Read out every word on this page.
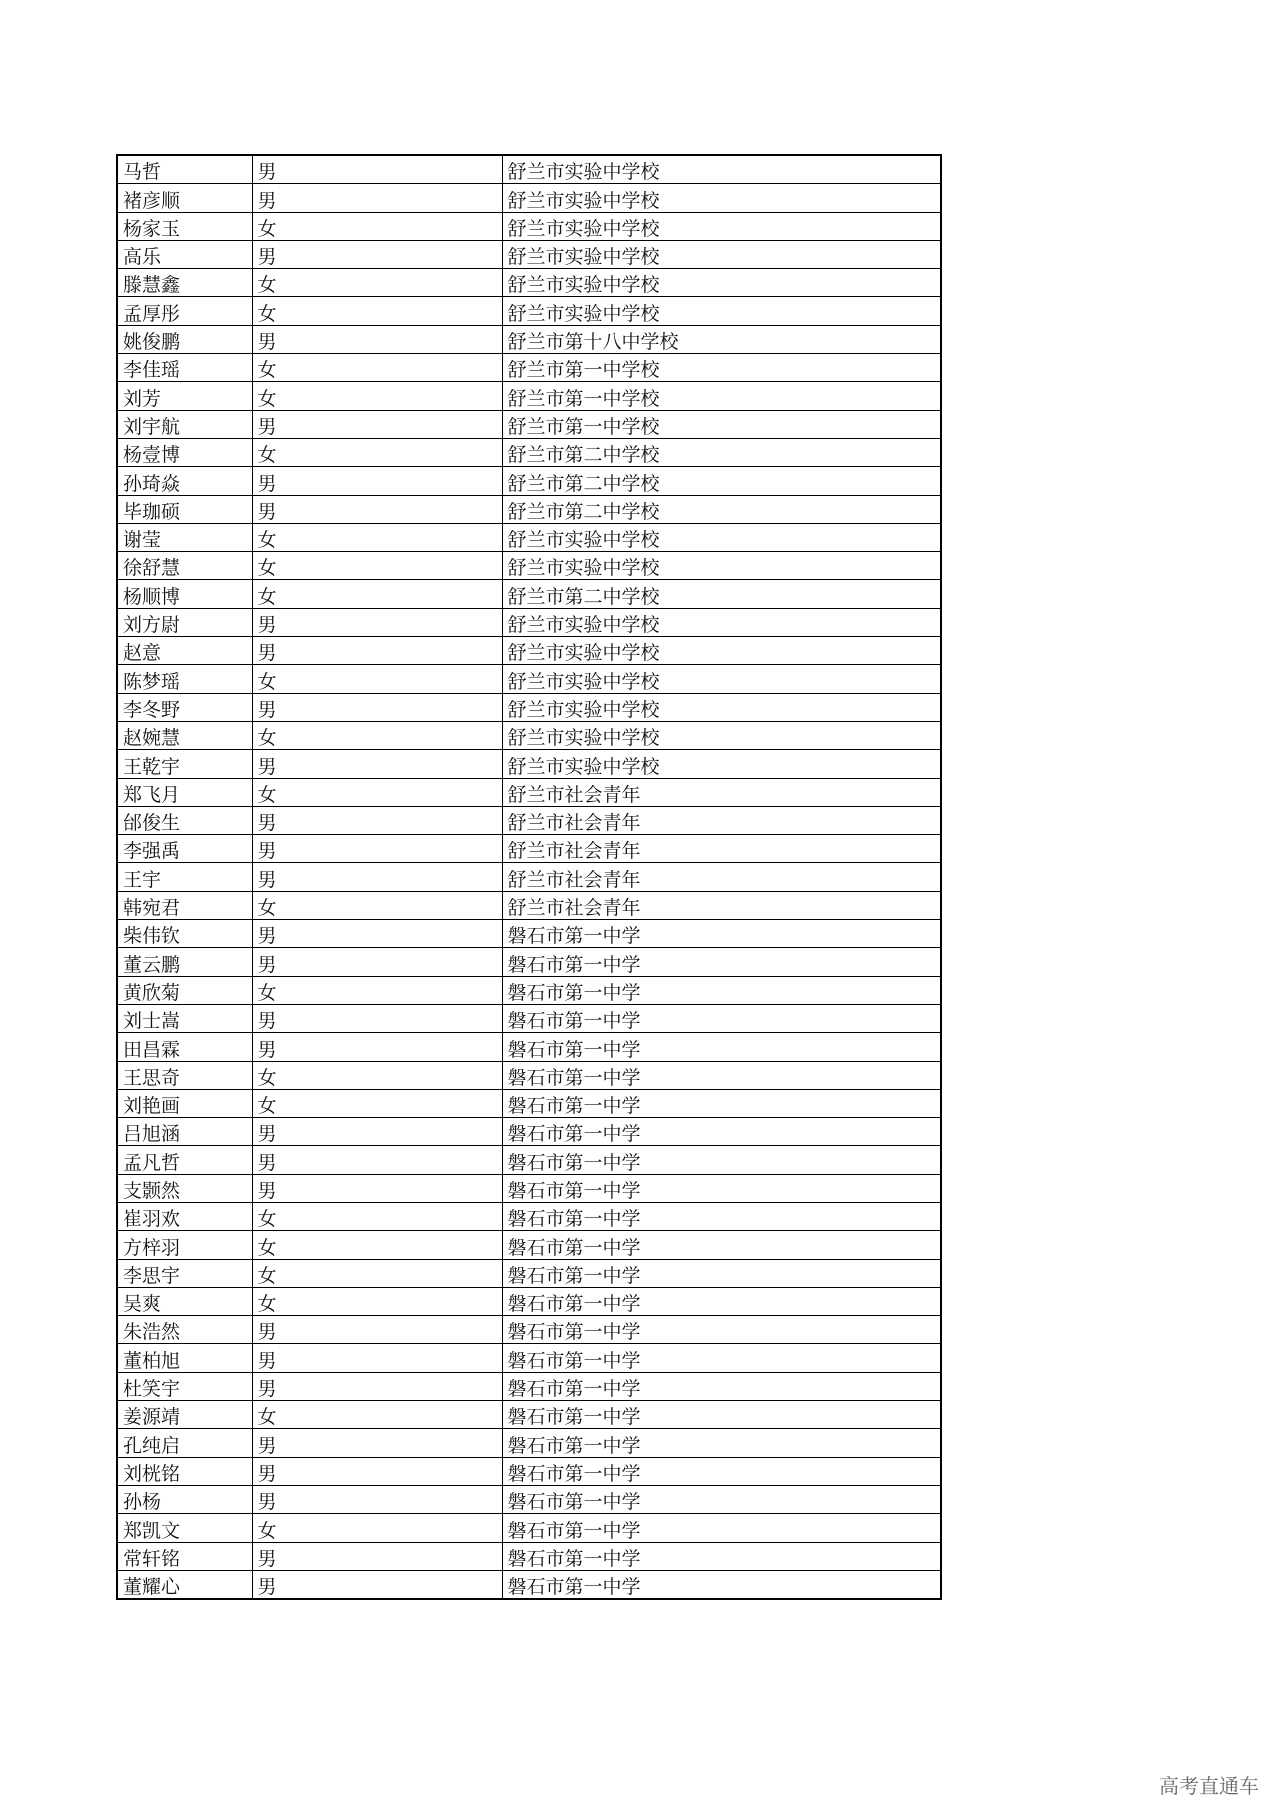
马哲	男	舒兰市实验中学校
褚彦顺	男	舒兰市实验中学校
杨家玉	女	舒兰市实验中学校
高乐	男	舒兰市实验中学校
滕慧鑫	女	舒兰市实验中学校
孟厚彤	女	舒兰市实验中学校
姚俊鹏	男	舒兰市第十八中学校
李佳瑶	女	舒兰市第一中学校
刘芳	女	舒兰市第一中学校
刘宇航	男	舒兰市第一中学校
杨壹博	女	舒兰市第二中学校
孙琦焱	男	舒兰市第二中学校
毕珈硕	男	舒兰市第二中学校
谢莹	女	舒兰市实验中学校
徐舒慧	女	舒兰市实验中学校
杨顺博	女	舒兰市第二中学校
刘方尉	男	舒兰市实验中学校
赵意	男	舒兰市实验中学校
陈梦瑶	女	舒兰市实验中学校
李冬野	男	舒兰市实验中学校
赵婉慧	女	舒兰市实验中学校
王乾宇	男	舒兰市实验中学校
郑飞月	女	舒兰市社会青年
邰俊生	男	舒兰市社会青年
李强禹	男	舒兰市社会青年
王宇	男	舒兰市社会青年
韩宛君	女	舒兰市社会青年
柴伟钦	男	磐石市第一中学
董云鹏	男	磐石市第一中学
黄欣菊	女	磐石市第一中学
刘士嵩	男	磐石市第一中学
田昌霖	男	磐石市第一中学
王思奇	女	磐石市第一中学
刘艳画	女	磐石市第一中学
吕旭涵	男	磐石市第一中学
孟凡哲	男	磐石市第一中学
支颢然	男	磐石市第一中学
崔羽欢	女	磐石市第一中学
方梓羽	女	磐石市第一中学
李思宇	女	磐石市第一中学
吴爽	女	磐石市第一中学
朱浩然	男	磐石市第一中学
董柏旭	男	磐石市第一中学
杜笑宇	男	磐石市第一中学
姜源靖	女	磐石市第一中学
孔纯启	男	磐石市第一中学
刘桄铭	男	磐石市第一中学
孙杨	男	磐石市第一中学
郑凯文	女	磐石市第一中学
常轩铭	男	磐石市第一中学
董耀心	男	磐石市第一中学
高考直通车
